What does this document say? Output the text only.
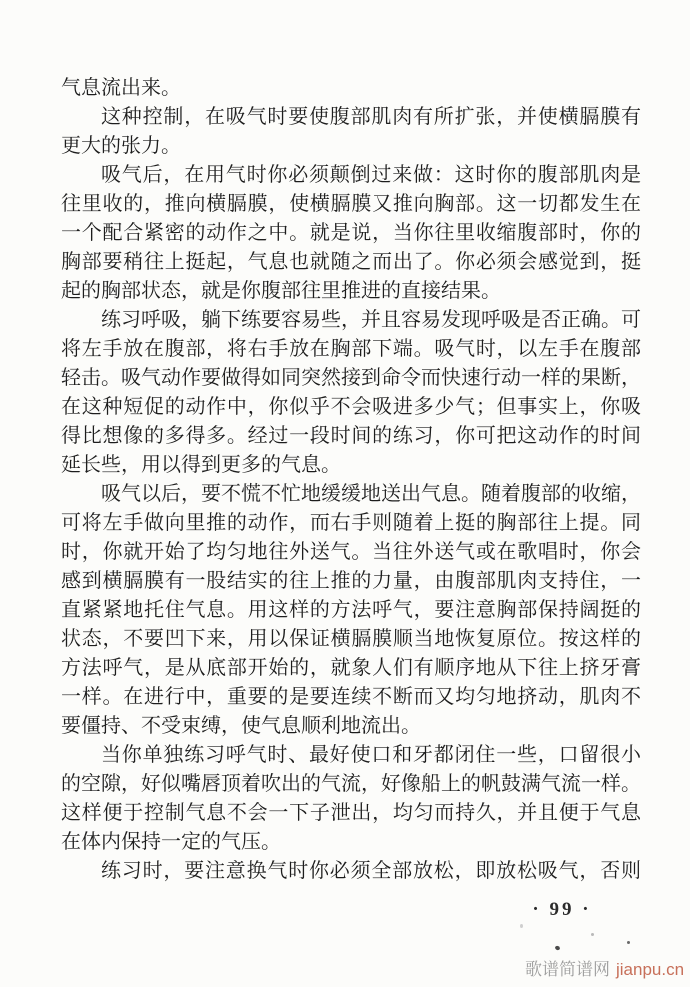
气息流出来。
这种控制，在吸气时要使腹部肌肉有所扩张，并使横膈膜有
更大的张力。
吸气后，在用气时你必须颠倒过来做：这时你的腹部肌肉是
往里收的，推向横膈膜，使横膈膜又推向胸部。这一切都发生在
一个配合紧密的动作之中。就是说，当你往里收缩腹部时，你的
胸部要稍往上挺起，气息也就随之而出了。你必须会感觉到，挺
起的胸部状态，就是你腹部往里推进的直接结果。
练习呼吸，躺下练要容易些，并且容易发现呼吸是否正确。可
将左手放在腹部，将右手放在胸部下端。吸气时，以左手在腹部
轻击。吸气动作要做得如同突然接到命令而快速行动一样的果断，
在这种短促的动作中，你似乎不会吸进多少气；但事实上，你吸
得比想像的多得多。经过一段时间的练习，你可把这动作的时间
延长些，用以得到更多的气息。
吸气以后，要不慌不忙地缓缓地送出气息。随着腹部的收缩，
可将左手做向里推的动作，而右手则随着上挺的胸部往上提。同
时，你就开始了均匀地往外送气。当往外送气或在歌唱时，你会
感到横膈膜有一股结实的往上推的力量，由腹部肌肉支持住，一
直紧紧地托住气息。用这样的方法呼气，要注意胸部保持阔挺的
状态，不要凹下来，用以保证横膈膜顺当地恢复原位。按这样的
方法呼气，是从底部开始的，就象人们有顺序地从下往上挤牙膏
一样。在进行中，重要的是要连续不断而又均匀地挤动，肌肉不
要僵持、不受束缚，使气息顺利地流出。
当你单独练习呼气时、最好使口和牙都闭住一些，口留很小
的空隙，好似嘴唇顶着吹出的气流，好像船上的帆鼓满气流一样。
这样便于控制气息不会一下子泄出，均匀而持久，并且便于气息
在体内保持一定的气压。
练习时，要注意换气时你必须全部放松，即放松吸气，否则
· 99 ·
歌谱简谱网 jianpu.cn
